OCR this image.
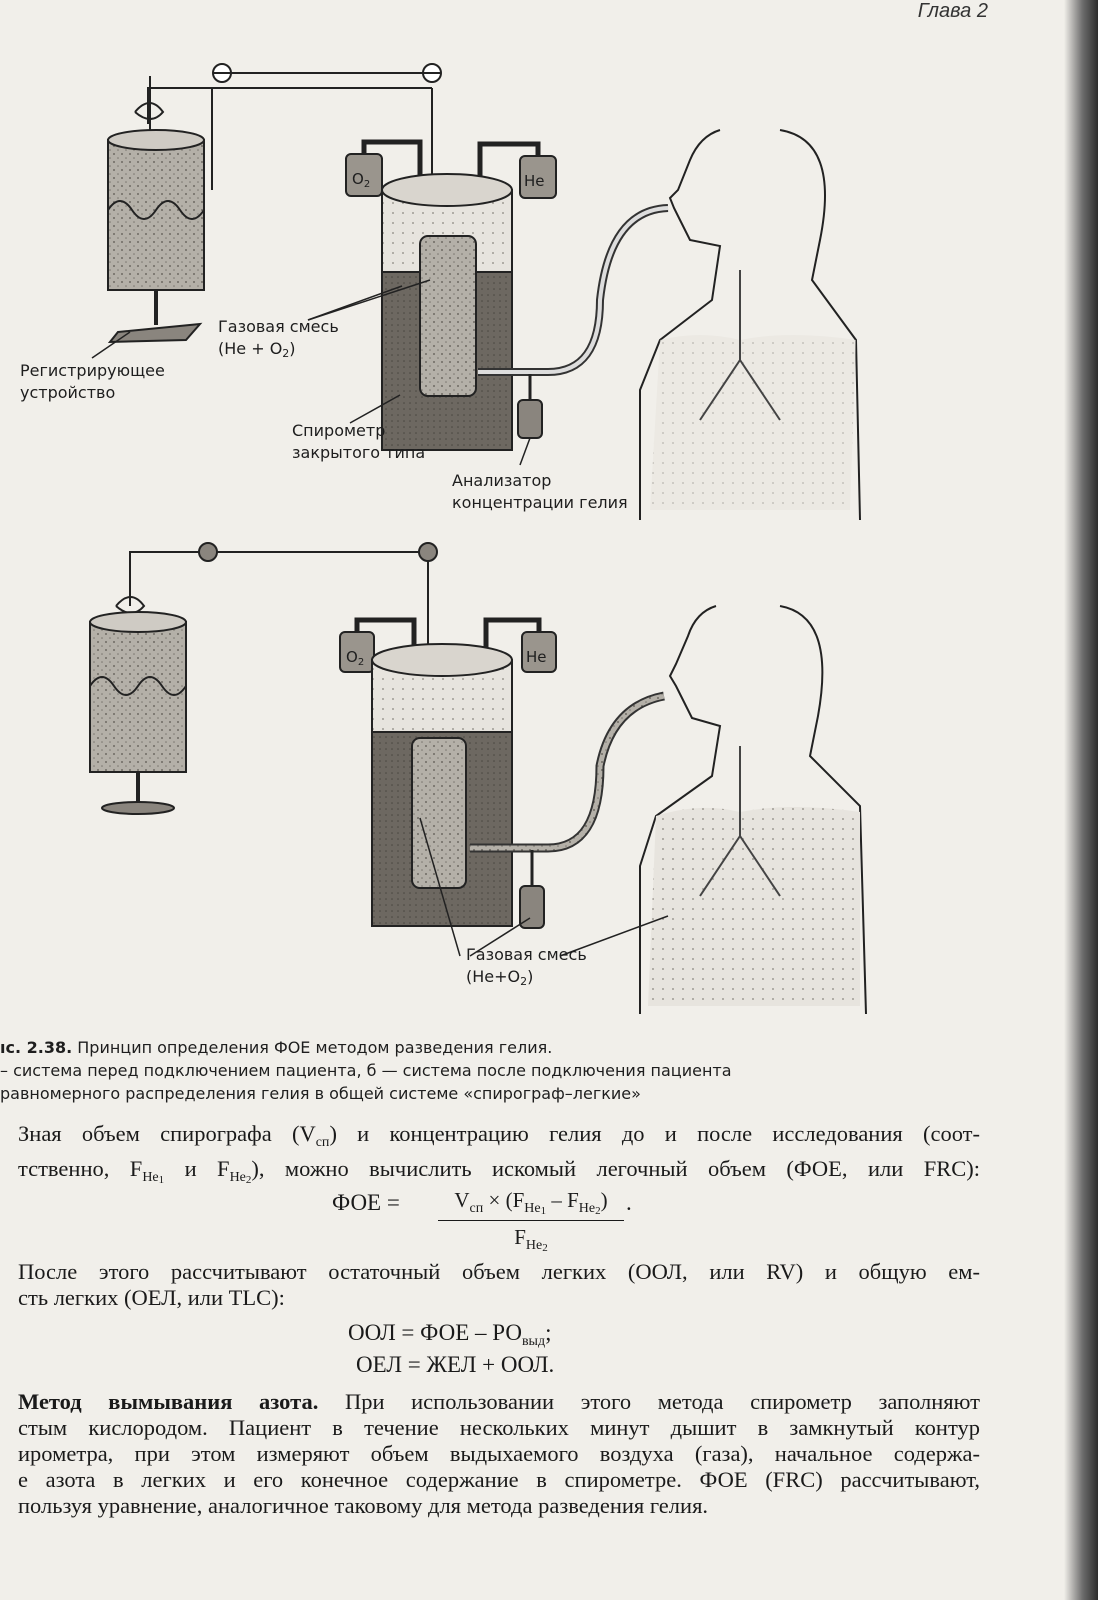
Глава 2
Газовая смесь
(He + O2)
Регистрирующее
устройство
Спирометр
закрытого типа
Анализатор
концентрации гелия
$O_2$	He
Газовая смесь
(He+O2)
$O_2$	He
ıc. 2.38. Принцип определения ФОЕ методом разведения гелия.
– система перед подключением пациента, б — система после подключения пациента
равномерного распределения гелия в общей системе «спирограф–легкие»

Зная объем спирографа $(V_{сп})$ и концентрацию гелия до и после исследования (соот-

тственно, $F_{He1}$ и $F_{He2}$), можно вычислить искомый легочный объем (ФОЕ, или FRC):

ФОЕ =	$V_{сп} \times (F_{He1} - F_{He2})$
$F_{He2}$
.

После этого рассчитывают остаточный объем легких (ООЛ, или RV) и общую ем-

сть легких (ОЕЛ, или TLC):

ООЛ = ФОЕ – $РО_{выд}$;
ОЕЛ = ЖЕЛ + ООЛ.

Метод вымывания азота. При использовании этого метода спирометр заполняют

стым кислородом. Пациент в течение нескольких минут дышит в замкнутый контур

ирометра, при этом измеряют объем выдыхаемого воздуха (газа), начальное содержа-

е азота в легких и его конечное содержание в спирометре. ФОЕ (FRC) рассчитывают,

пользуя уравнение, аналогичное таковому для метода разведения гелия.
